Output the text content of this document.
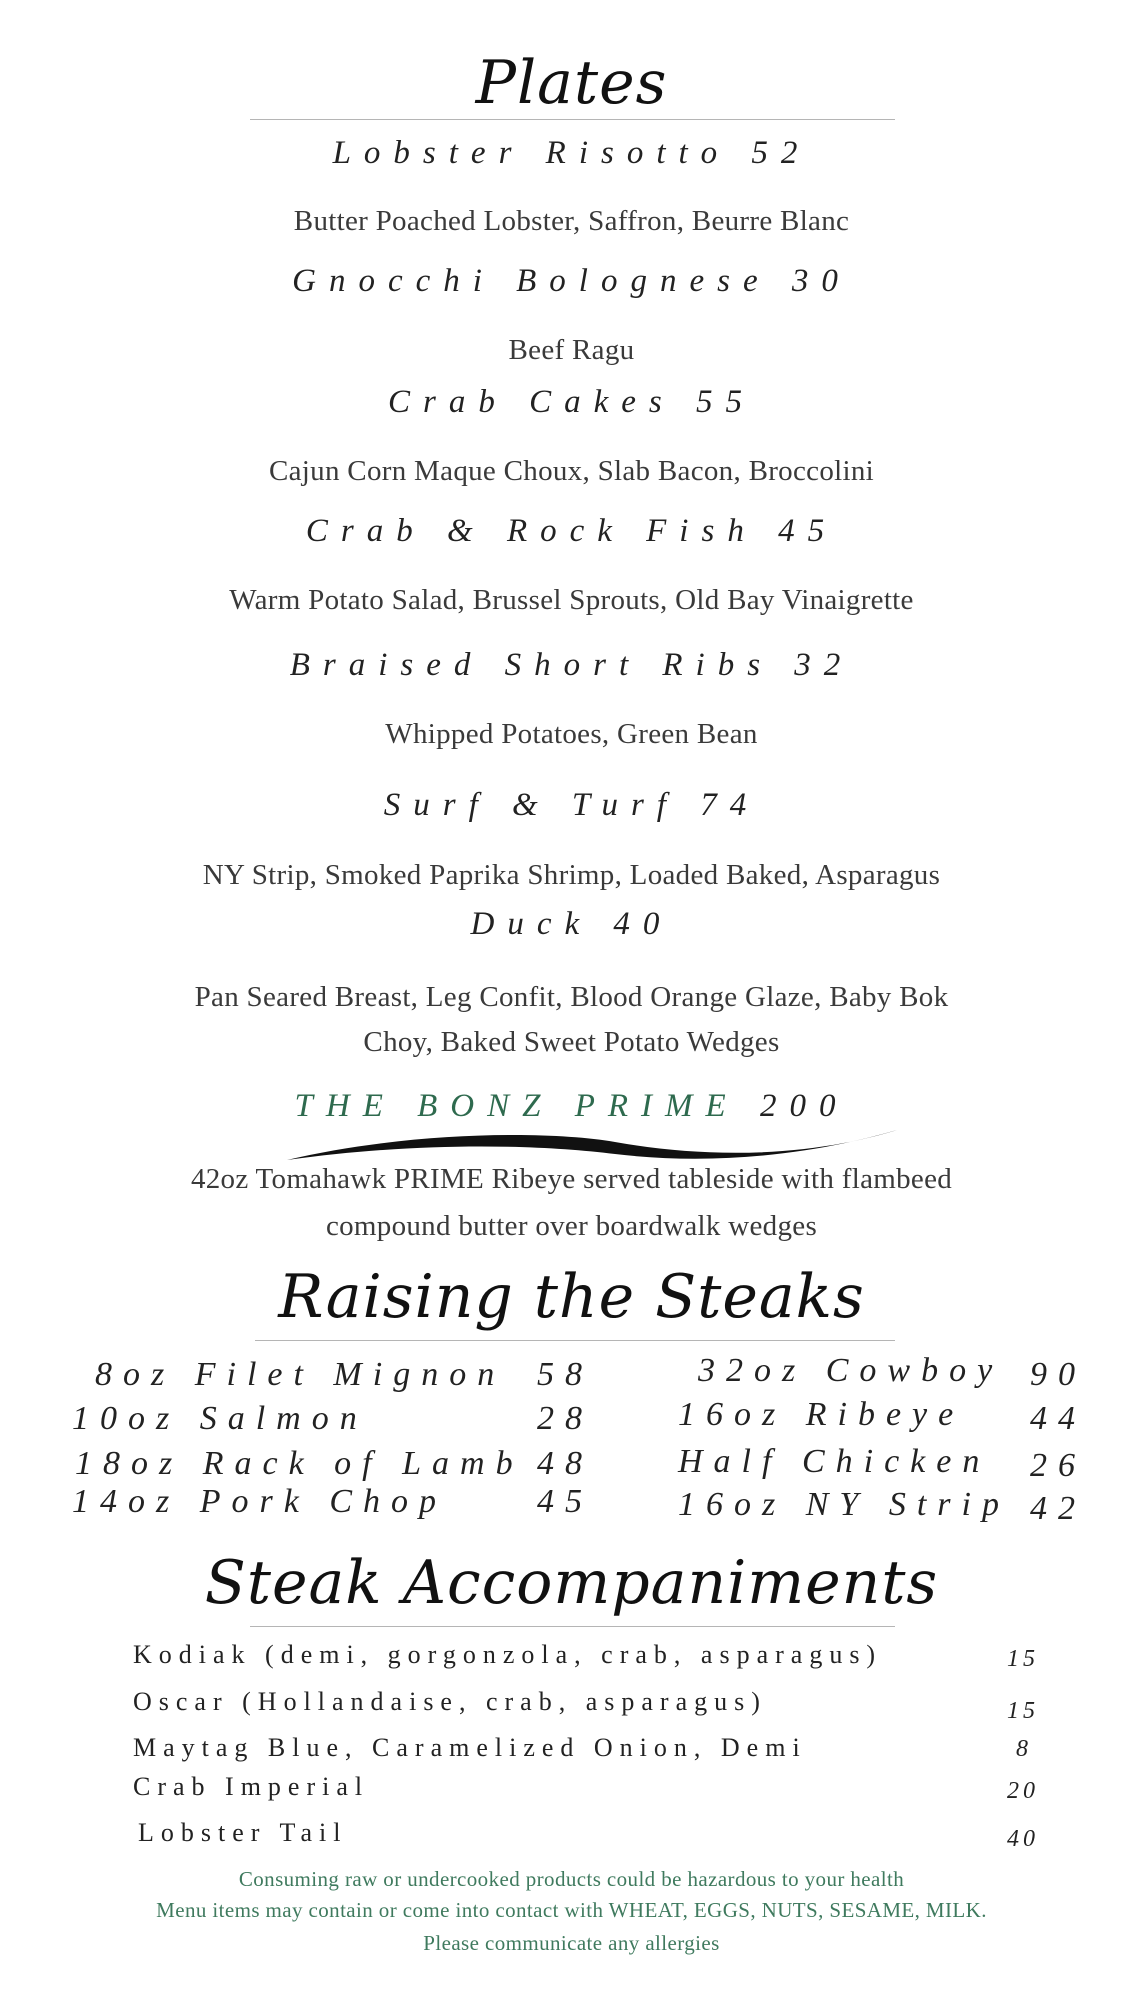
Plates
Lobster Risotto 52
Butter Poached Lobster, Saffron, Beurre Blanc
Gnocchi Bolognese 30
Beef Ragu
Crab Cakes 55
Cajun Corn Maque Choux, Slab Bacon, Broccolini
Crab & Rock Fish 45
Warm Potato Salad, Brussel Sprouts, Old Bay Vinaigrette
Braised Short Ribs 32
Whipped Potatoes, Green Bean
Surf & Turf 74
NY Strip, Smoked Paprika Shrimp, Loaded Baked, Asparagus
Duck 40
Pan Seared Breast, Leg Confit, Blood Orange Glaze, Baby Bok
Choy, Baked Sweet Potato Wedges
THE BONZ PRIME 200
42oz Tomahawk PRIME Ribeye served tableside with flambeed
compound butter over boardwalk wedges
Raising the Steaks
8oz Filet Mignon 58
10oz Salmon	28
18oz Rack of Lamb 48
14oz Pork Chop	45
32oz Cowboy 90
16oz Ribeye 44
Half Chicken 26
16oz NY Strip 42
Steak Accompaniments
Kodiak (demi, gorgonzola, crab, asparagus)	15
Oscar (Hollandaise, crab, asparagus)	15
Maytag Blue, Caramelized Onion, Demi	8
Crab Imperial	20
Lobster Tail	40
Consuming raw or undercooked products could be hazardous to your health
Menu items may contain or come into contact with WHEAT, EGGS, NUTS, SESAME, MILK.
Please communicate any allergies
